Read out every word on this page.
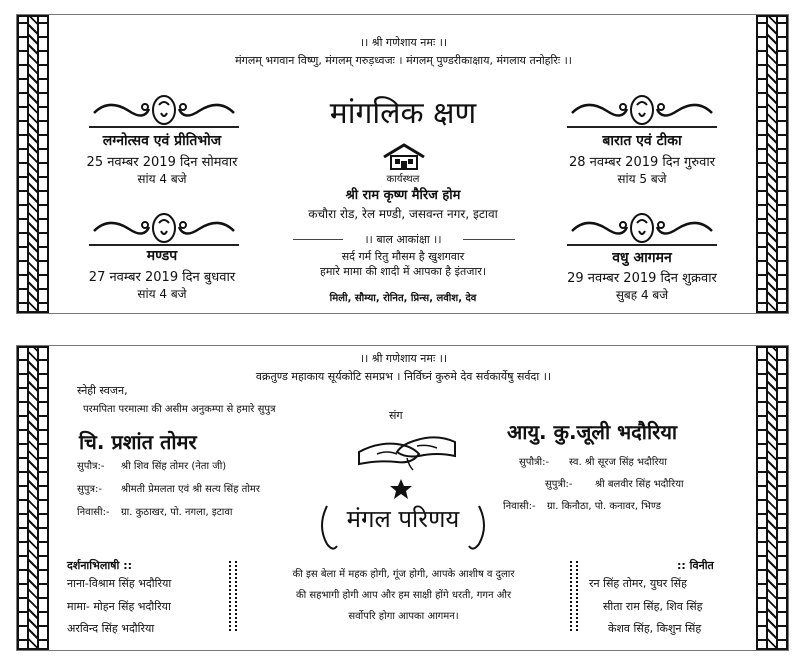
।। श्री गणेशाय नमः ।।
मंगलम् भगवान विष्णु, मंगलम् गरुड़ध्वजः । मंगलम् पुण्डरीकाक्षाय, मंगलाय तनोहरिः ।।
मांगलिक क्षण
लग्नोत्सव एवं प्रीतिभोज
25 नवम्बर 2019 दिन सोमवार
सांय 4 बजे
बारात एवं टीका
28 नवम्बर 2019 दिन गुरुवार
सांय 5 बजे
कार्यस्थल
श्री राम कृष्ण मैरिज होम
कचौरा रोड, रेल मण्डी, जसवन्त नगर, इटावा
मण्डप
27 नवम्बर 2019 दिन बुधवार
सांय 4 बजे
वधु आगमन
29 नवम्बर 2019 दिन शुक्रवार
सुबह 4 बजे
।। बाल आकांक्षा ।।
सर्द गर्म रितु मौसम है खुशगवार
हमारे मामा की शादी में आपका है इंतजार।
मिली, सौम्या, रोनित, प्रिन्स, लवीश, देव
।। श्री गणेशाय नमः ।।
वक्रतुण्ड महाकाय सूर्यकोटि समप्रभ । निर्विघ्नं कुरुमे देव सर्वकार्येषु सर्वदा ।।
स्नेही स्वजन,
परमपिता परमात्मा की असीम अनुकम्पा से हमारे सुपुत्र
चि. प्रशांत तोमर
संग
आयु. कु.जूली भदौरिया
सुपौत्र:- श्री शिव सिंह तोमर (नेता जी)
सुपुत्र:- श्रीमती प्रेमलता एवं श्री सत्य सिंह तोमर
निवासी:- ग्रा. कुठाखर, पो. नगला, इटावा
सुपौत्री:- स्व. श्री सूरज सिंह भदौरिया
सुपुत्री:- श्री बलवीर सिंह भदौरिया
निवासी:- ग्रा. किनौठा, पो. कनावर, भिण्ड
मंगल परिणय
दर्शनाभिलाषी ::
नाना-विश्राम सिंह भदौरिया
मामा- मोहन सिंह भदौरिया
अरविन्द सिंह भदौरिया
:: विनीत
रन सिंह तोमर, युघर सिंह
सीता राम सिंह, शिव सिंह
केशव सिंह, किशुन सिंह
की इस बेला में महक होगी, गूंज होगी, आपके आशीष व दुलार
की सहभागी होगी आप और हम साक्षी होंगे धरती, गगन और
सर्वोपरि होगा आपका आगमन।
